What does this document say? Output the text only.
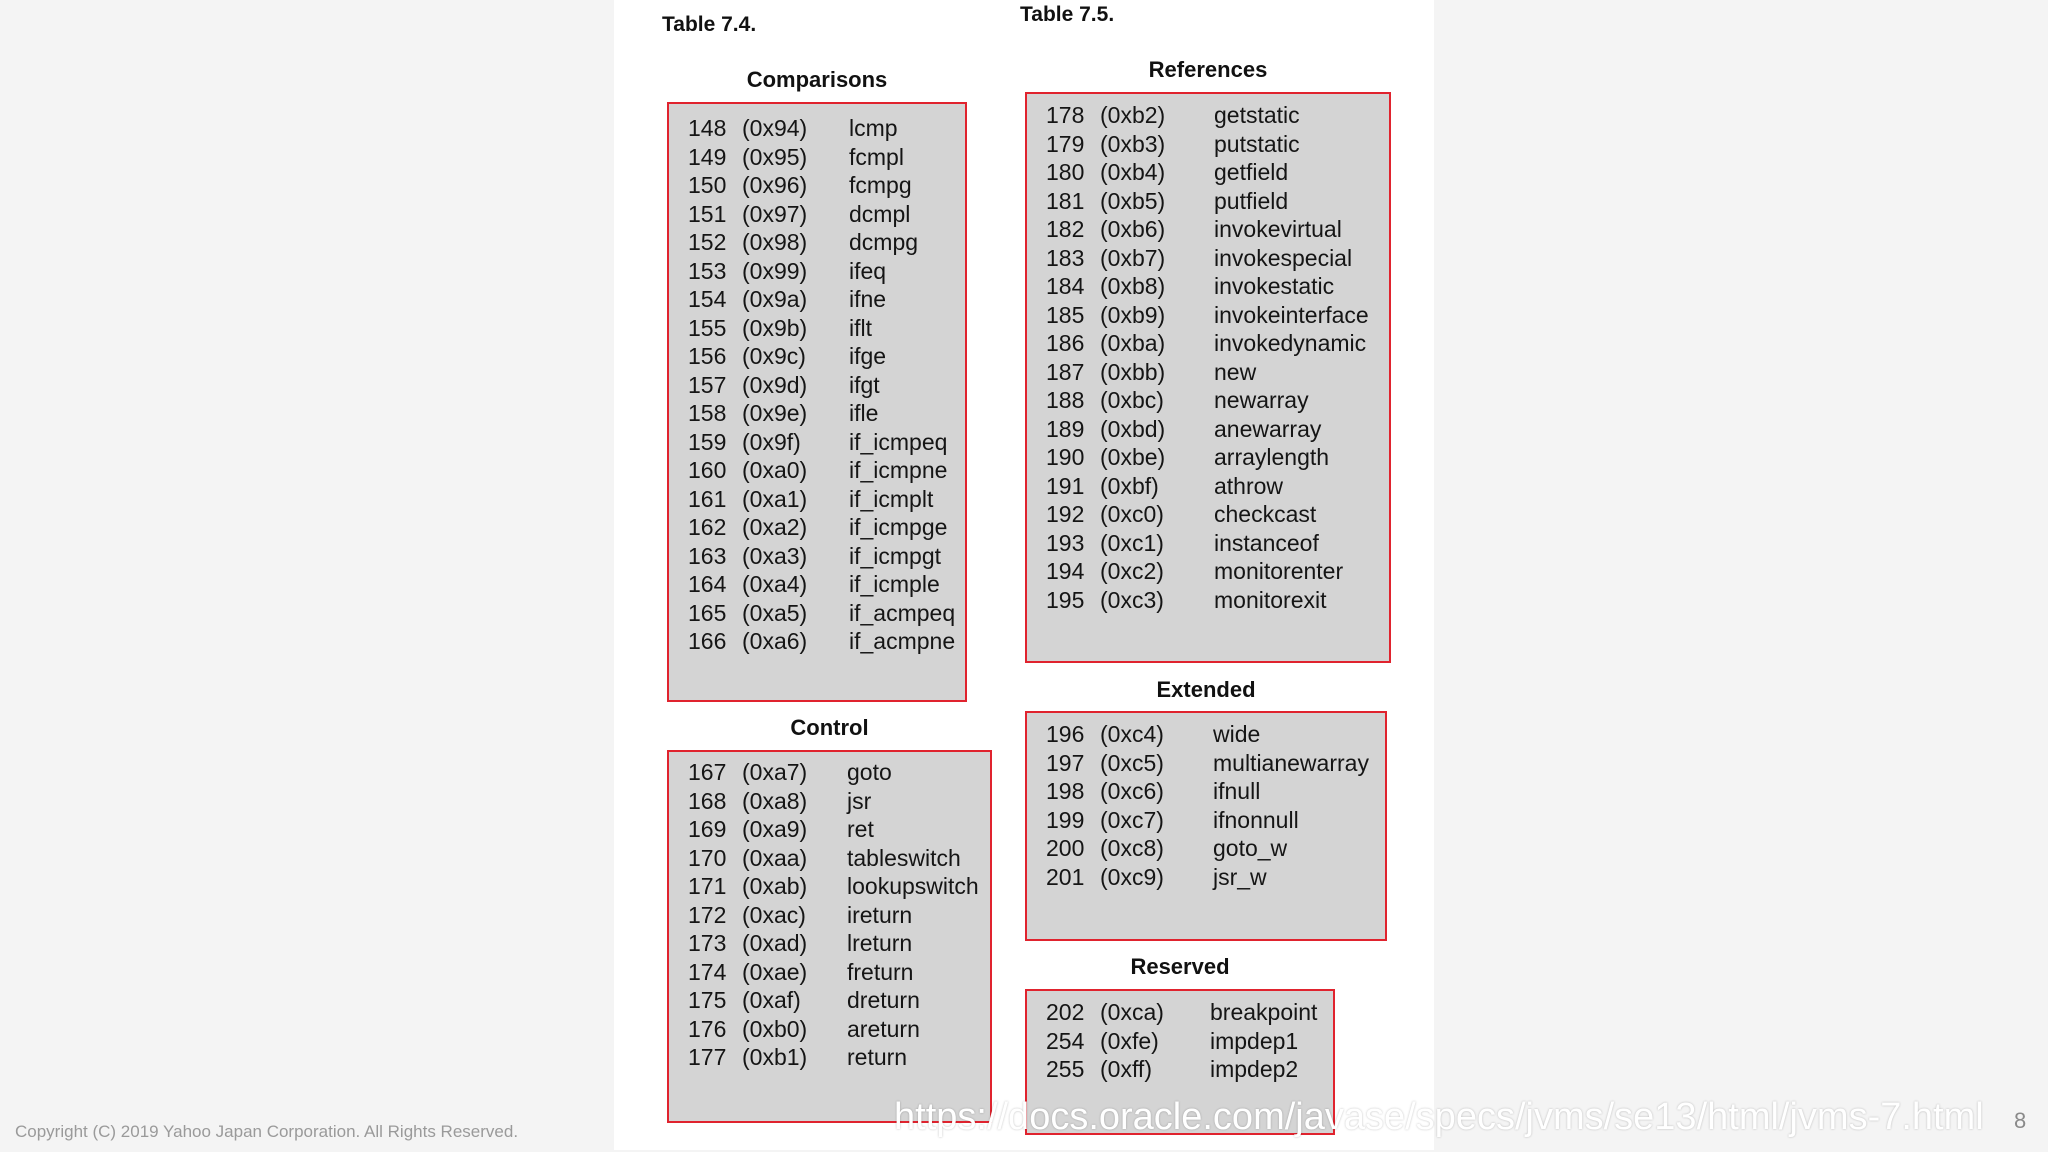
Table 7.4.	Table 7.5.
Comparisons
148 (0x94) lcmp
149 (0x95) fcmpl
150 (0x96) fcmpg
151 (0x97) dcmpl
152 (0x98) dcmpg
153 (0x99) ifeq
154 (0x9a) ifne
155 (0x9b) iflt
156 (0x9c) ifge
157 (0x9d) ifgt
158 (0x9e) ifle
159 (0x9f) if_icmpeq
160 (0xa0) if_icmpne
161 (0xa1) if_icmplt
162 (0xa2) if_icmpge
163 (0xa3) if_icmpgt
164 (0xa4) if_icmple
165 (0xa5) if_acmpeq
166 (0xa6) if_acmpne
Control
167 (0xa7) goto
168 (0xa8) jsr
169 (0xa9) ret
170 (0xaa) tableswitch
171 (0xab) lookupswitch
172 (0xac) ireturn
173 (0xad) lreturn
174 (0xae) freturn
175 (0xaf) dreturn
176 (0xb0) areturn
177 (0xb1) return
References
178 (0xb2) getstatic
179 (0xb3) putstatic
180 (0xb4) getfield
181 (0xb5) putfield
182 (0xb6) invokevirtual
183 (0xb7) invokespecial
184 (0xb8) invokestatic
185 (0xb9) invokeinterface
186 (0xba) invokedynamic
187 (0xbb) new
188 (0xbc) newarray
189 (0xbd) anewarray
190 (0xbe) arraylength
191 (0xbf) athrow
192 (0xc0) checkcast
193 (0xc1) instanceof
194 (0xc2) monitorenter
195 (0xc3) monitorexit
Extended
196 (0xc4) wide
197 (0xc5) multianewarray
198 (0xc6) ifnull
199 (0xc7) ifnonnull
200 (0xc8) goto_w
201 (0xc9) jsr_w
Reserved
202 (0xca) breakpoint
254 (0xfe) impdep1
255 (0xff)	impdep2
Copyright (C) 2019 Yahoo Japan Corporation. All Rights Reserved.	https://docs.oracle.com/javase/specs/jvms/se13/html/jvms-7.html 8
